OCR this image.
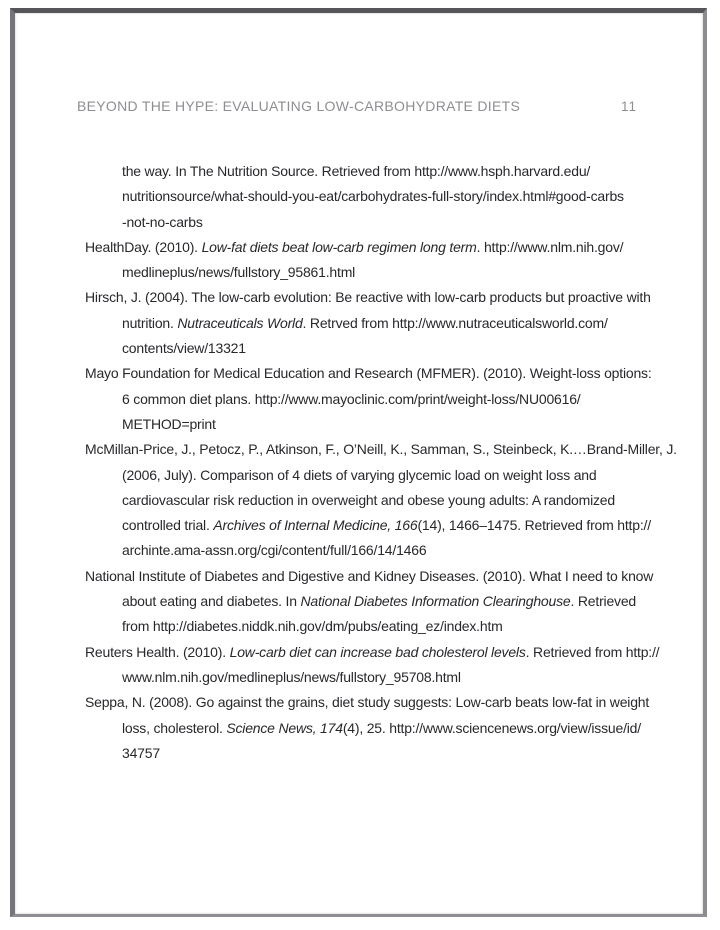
BEYOND THE HYPE: EVALUATING LOW-CARBOHYDRATE DIETS	11
the way. In The Nutrition Source. Retrieved from http://www.hsph.harvard.edu/
nutritionsource/what-should-you-eat/carbohydrates-full-story/index.html#good-carbs
-not-no-carbs
HealthDay. (2010). Low-fat diets beat low-carb regimen long term. http://www.nlm.nih.gov/
medlineplus/news/fullstory_95861.html
Hirsch, J. (2004). The low-carb evolution: Be reactive with low-carb products but proactive with
nutrition. Nutraceuticals World. Retrved from http://www.nutraceuticalsworld.com/
contents/view/13321
Mayo Foundation for Medical Education and Research (MFMER). (2010). Weight-loss options:
6 common diet plans. http://www.mayoclinic.com/print/weight-loss/NU00616/
METHOD=print
McMillan-Price, J., Petocz, P., Atkinson, F., O’Neill, K., Samman, S., Steinbeck, K.…Brand-Miller, J.
(2006, July). Comparison of 4 diets of varying glycemic load on weight loss and
cardiovascular risk reduction in overweight and obese young adults: A randomized
controlled trial. Archives of Internal Medicine, 166(14), 1466–1475. Retrieved from http://
archinte.ama-assn.org/cgi/content/full/166/14/1466
National Institute of Diabetes and Digestive and Kidney Diseases. (2010). What I need to know
about eating and diabetes. In National Diabetes Information Clearinghouse. Retrieved
from http://diabetes.niddk.nih.gov/dm/pubs/eating_ez/index.htm
Reuters Health. (2010). Low-carb diet can increase bad cholesterol levels. Retrieved from http://
www.nlm.nih.gov/medlineplus/news/fullstory_95708.html
Seppa, N. (2008). Go against the grains, diet study suggests: Low-carb beats low-fat in weight
loss, cholesterol. Science News, 174(4), 25. http://www.sciencenews.org/view/issue/id/
34757
